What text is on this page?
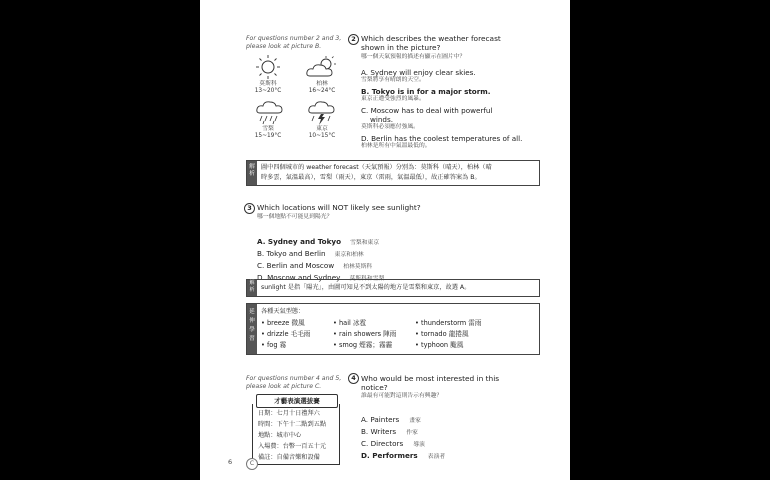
For questions number 2 and 3,
please look at picture B.
莫斯科
13~20°C
柏林
16~24°C
雪梨
15~19°C
東京
10~15°C
2 Which describes the weather forecast
shown in the picture?
哪一個天氣預報的描述有顯示在圖片中？
A. Sydney will enjoy clear skies.
雪梨將享有晴朗的天空。
B. Tokyo is in for a major storm.
東京正遭受強烈的風暴。
C. Moscow has to deal with powerful
winds.
莫斯科必須應付強風。
D. Berlin has the coolest temperatures of all.
柏林是所有中氣溫最低的。
解析
圖中四個城市的 weather forecast（天氣預報）分別為：莫斯科（晴天），柏林（晴
時多雲，氣溫最高），雪梨（雨天），東京（雷雨，氣溫最低），故正確答案為 B。
3 Which locations will NOT likely see sunlight?
哪一個地點不可能見到陽光？
A. Sydney and Tokyo 雪梨和東京
B. Tokyo and Berlin 東京和柏林
C. Berlin and Moscow 柏林莫斯科
D. Moscow and Sydney 莫斯科和雪梨
解析 sunlight 是指「陽光」，由圖可知見不到太陽的地方是雪梨和東京，故選 A。
延伸學習
各種天氣型態：
• breeze 微風	• hail 冰雹	• thunderstorm 雷雨
• drizzle 毛毛雨	• rain showers 陣雨	• tornado 龍捲風
• fog 霧	• smog 煙霧；霧霾	• typhoon 颱風
For questions number 4 and 5,
please look at picture C.
才藝表演選拔賽
日期：七月十日禮拜六
時間：下午十二點到五點
地點：城市中心
入場費：台幣一百五十元
備註：自備音樂和設備
C
4 Who would be most interested in this
notice?
誰最有可能對這則告示有興趣？
A. Painters 畫家
B. Writers 作家
C. Directors 導演
D. Performers 表演者
6
